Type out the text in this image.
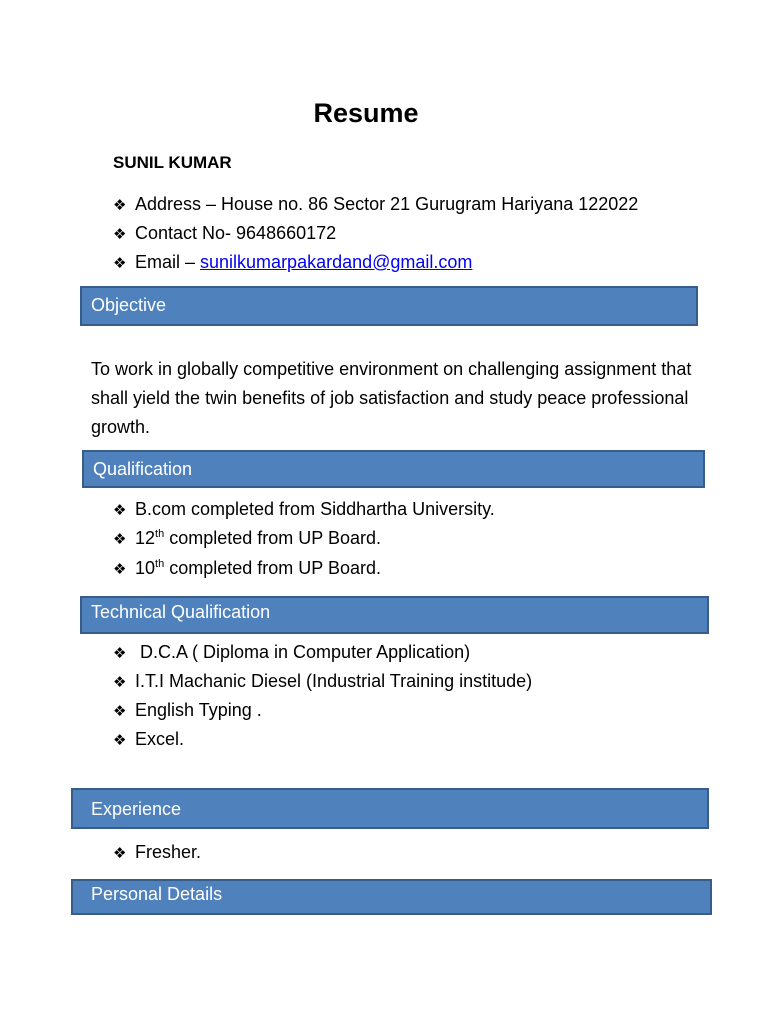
Resume
SUNIL KUMAR
❖ Address – House no. 86 Sector 21 Gurugram Hariyana 122022
❖ Contact No- 9648660172
❖ Email – sunilkumarpakardand@gmail.com
Objective
To work in globally competitive environment on challenging assignment that shall yield the twin benefits of job satisfaction and study peace professional growth.
Qualification
❖ B.com completed from Siddhartha University.
❖ 12th completed from UP Board.
❖ 10th completed from UP Board.
Technical Qualification
❖ D.C.A ( Diploma in Computer Application)
❖ I.T.I Machanic Diesel (Industrial Training institude)
❖ English Typing .
❖ Excel.
Experience
❖ Fresher.
Personal Details
